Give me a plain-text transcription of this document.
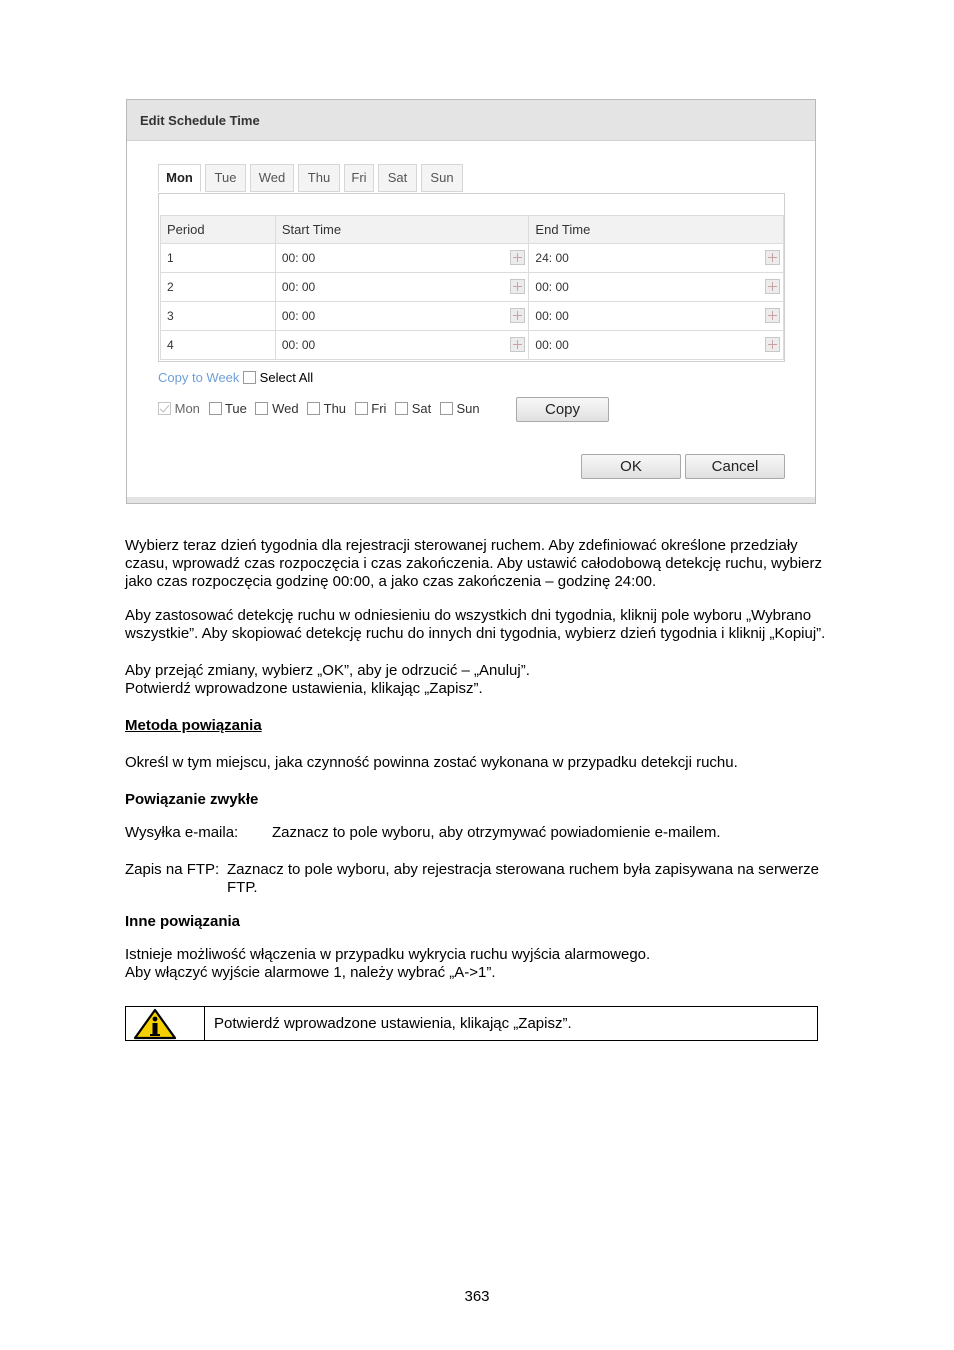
Edit Schedule Time
Mon	Tue	Wed	Thu	Fri	Sat	Sun
Period	Start Time	End Time
1	00: 00	24: 00

2	00: 00	00: 00

3	00: 00	00: 00

4	00: 00	00: 00
Copy to Week Select All
Mon Tue Wed Thu Fri Sat Sun	Copy
OK	Cancel

Wybierz teraz dzień tygodnia dla rejestracji sterowanej ruchem. Aby zdefiniować określone przedziały

czasu, wprowadź czas rozpoczęcia i czas zakończenia. Aby ustawić całodobową detekcję ruchu, wybierz

jako czas rozpoczęcia godzinę 00:00, a jako czas zakończenia – godzinę 24:00.

Aby zastosować detekcję ruchu w odniesieniu do wszystkich dni tygodnia, kliknij pole wyboru „Wybrano

wszystkie”. Aby skopiować detekcję ruchu do innych dni tygodnia, wybierz dzień tygodnia i kliknij „Kopiuj”.

Aby przejąć zmiany, wybierz „OK”, aby je odrzucić – „Anuluj”.

Potwierdź wprowadzone ustawienia, klikając „Zapisz”.

Metoda powiązania
Określ w tym miejscu, jaka czynność powinna zostać wykonana w przypadku detekcji ruchu.
Powiązanie zwykłe
Wysyłka e-maila: Zaznacz to pole wyboru, aby otrzymywać powiadomienie e-mailem.
Zapis na FTP: Zaznacz to pole wyboru, aby rejestracja sterowana ruchem była zapisywana na serwerze
FTP.
Inne powiązania

Istnieje możliwość włączenia w przypadku wykrycia ruchu wyjścia alarmowego.

Aby włączyć wyjście alarmowe 1, należy wybrać „A->1”.

Potwierdź wprowadzone ustawienia, klikając „Zapisz”.
363
